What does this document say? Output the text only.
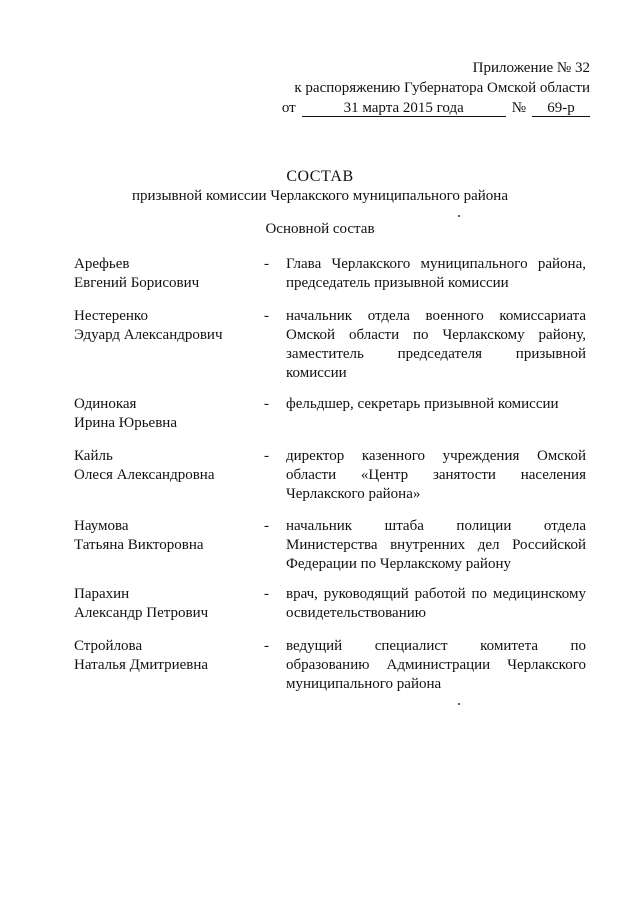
Приложение № 32
к распоряжению Губернатора Омской области
от	31 марта 2015 года	№	69-р
СОСТАВ
призывной комиссии Черлакского муниципального района
Основной состав
Арефьев
Евгений Борисович
-	Глава Черлакского муниципального района, председатель призывной комиссии
Нестеренко
Эдуард Александрович
-	начальник отдела военного комиссариата Омской области по Черлакскому району, заместитель председателя призывной комиссии
Одинокая
Ирина Юрьевна
-	фельдшер, секретарь призывной комиссии
Кайль
Олеся Александровна
-	директор казенного учреждения Омской области «Центр занятости населения Черлакского района»
Наумова
Татьяна Викторовна
-	начальник штаба полиции отдела Министерства внутренних дел Российской Федерации по Черлакскому району
Парахин
Александр Петрович
-	врач, руководящий работой по медицинскому освидетельствованию
Стройлова
Наталья Дмитриевна
-	ведущий специалист комитета по образованию Администрации Черлакского муниципального района
